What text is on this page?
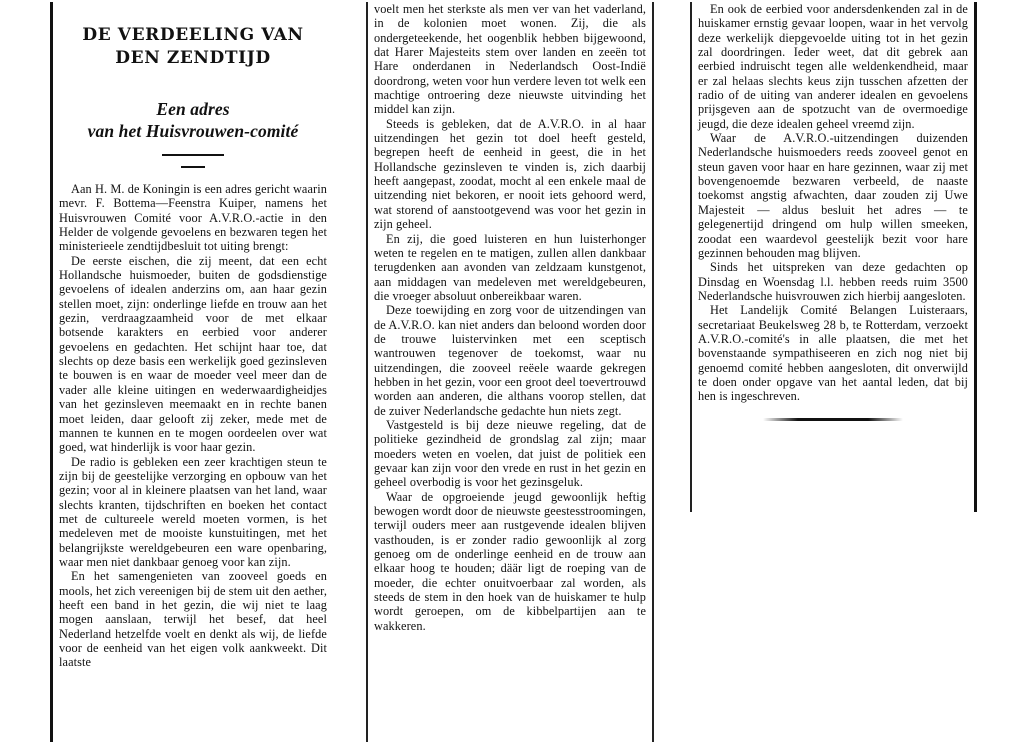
DE VERDEELING VAN
DEN ZENDTIJD
Een adres
van het Huisvrouwen-comité

Aan H. M. de Koningin is een adres gericht waarin mevr. F. Bottema—Feenstra Kuiper, namens het Huisvrouwen Comité voor A.V.R.O.-actie in den Helder de volgende gevoelens en bezwaren tegen het ministerieele zendtijdbesluit tot uiting brengt:

De eerste eischen, die zij meent, dat een echt Hollandsche huismoeder, buiten de godsdienstige gevoelens of idealen anderzins om, aan haar gezin stellen moet, zijn: onderlinge liefde en trouw aan het gezin, verdraagzaamheid voor de met elkaar botsende karakters en eerbied voor anderer gevoelens en gedachten. Het schijnt haar toe, dat slechts op deze basis een werkelijk goed gezinsleven te bouwen is en waar de moeder veel meer dan de vader alle kleine uitingen en wederwaardigheidjes van het gezinsleven meemaakt en in rechte banen moet leiden, daar gelooft zij zeker, mede met de mannen te kunnen en te mogen oordeelen over wat goed, wat hinderlijk is voor haar gezin.

De radio is gebleken een zeer krachtigen steun te zijn bij de geestelijke verzorging en opbouw van het gezin; voor al in kleinere plaatsen van het land, waar slechts kranten, tijdschriften en boeken het contact met de cultureele wereld moeten vormen, is het medeleven met de mooiste kunstuitingen, met het belangrijkste wereldgebeuren een ware openbaring, waar men niet dankbaar genoeg voor kan zijn.

En het samengenieten van zooveel goeds en mools, het zich vereenigen bij de stem uit den aether, heeft een band in het gezin, die wij niet te laag mogen aanslaan, terwijl het besef, dat heel Nederland hetzelfde voelt en denkt als wij, de liefde voor de eenheid van het eigen volk aankweekt. Dit laatste

voelt men het sterkste als men ver van het vaderland, in de kolonien moet wonen. Zij, die als ondergeteekende, het oogenblik hebben bijgewoond, dat Harer Majesteits stem over landen en zeeën tot Hare onderdanen in Nederlandsch Oost-Indië doordrong, weten voor hun verdere leven tot welk een machtige ontroering deze nieuwste uitvinding het middel kan zijn.

Steeds is gebleken, dat de A.V.R.O. in al haar uitzendingen het gezin tot doel heeft gesteld, begrepen heeft de eenheid in geest, die in het Hollandsche gezinsleven te vinden is, zich daarbij heeft aangepast, zoodat, mocht al een enkele maal de uitzending niet bekoren, er nooit iets gehoord werd, wat storend of aanstootgevend was voor het gezin in zijn geheel.

En zij, die goed luisteren en hun luisterhonger weten te regelen en te matigen, zullen allen dankbaar terugdenken aan avonden van zeldzaam kunstgenot, aan middagen van medeleven met wereldgebeuren, die vroeger absoluut onbereikbaar waren.

Deze toewijding en zorg voor de uitzendingen van de A.V.R.O. kan niet anders dan beloond worden door de trouwe luistervinken met een sceptisch wantrouwen tegenover de toekomst, waar nu uitzendingen, die zooveel reëele waarde gekregen hebben in het gezin, voor een groot deel toevertrouwd worden aan anderen, die althans voorop stellen, dat de zuiver Nederlandsche gedachte hun niets zegt.

Vastgesteld is bij deze nieuwe regeling, dat de politieke gezindheid de grondslag zal zijn; maar moeders weten en voelen, dat juist de politiek een gevaar kan zijn voor den vrede en rust in het gezin en geheel overbodig is voor het gezinsgeluk.

Waar de opgroeiende jeugd gewoonlijk heftig bewogen wordt door de nieuwste geestesstroomingen, terwijl ouders meer aan rustgevende idealen blijven vasthouden, is er zonder radio gewoonlijk al zorg genoeg om de onderlinge eenheid en de trouw aan elkaar hoog te houden; däär ligt de roeping van de moeder, die echter onuitvoerbaar zal worden, als steeds de stem in den hoek van de huiskamer te hulp wordt geroepen, om de kibbelpartijen aan te wakkeren.

En ook de eerbied voor andersdenkenden zal in de huiskamer ernstig gevaar loopen, waar in het vervolg deze werkelijk diepgevoelde uiting tot in het gezin zal doordringen. Ieder weet, dat dit gebrek aan eerbied indruischt tegen alle weldenkendheid, maar er zal helaas slechts keus zijn tusschen afzetten der radio of de uiting van anderer idealen en gevoelens prijsgeven aan de spotzucht van de overmoedige jeugd, die deze idealen geheel vreemd zijn.

Waar de A.V.R.O.-uitzendingen duizenden Nederlandsche huismoeders reeds zooveel genot en steun gaven voor haar en hare gezinnen, waar zij met bovengenoemde bezwaren verbeeld, de naaste toekomst angstig afwachten, daar zouden zij Uwe Majesteit — aldus besluit het adres — te gelegenertijd dringend om hulp willen smeeken, zoodat een waardevol geestelijk bezit voor hare gezinnen behouden mag blijven.

Sinds het uitspreken van deze gedachten op Dinsdag en Woensdag l.l. hebben reeds ruim 3500 Nederlandsche huisvrouwen zich hierbij aangesloten.

Het Landelijk Comité Belangen Luisteraars, secretariaat Beukelsweg 28 b, te Rotterdam, verzoekt A.V.R.O.-comité's in alle plaatsen, die met het bovenstaande sympathiseeren en zich nog niet bij genoemd comité hebben aangesloten, dit onverwijld te doen onder opgave van het aantal leden, dat bij hen is ingeschreven.
